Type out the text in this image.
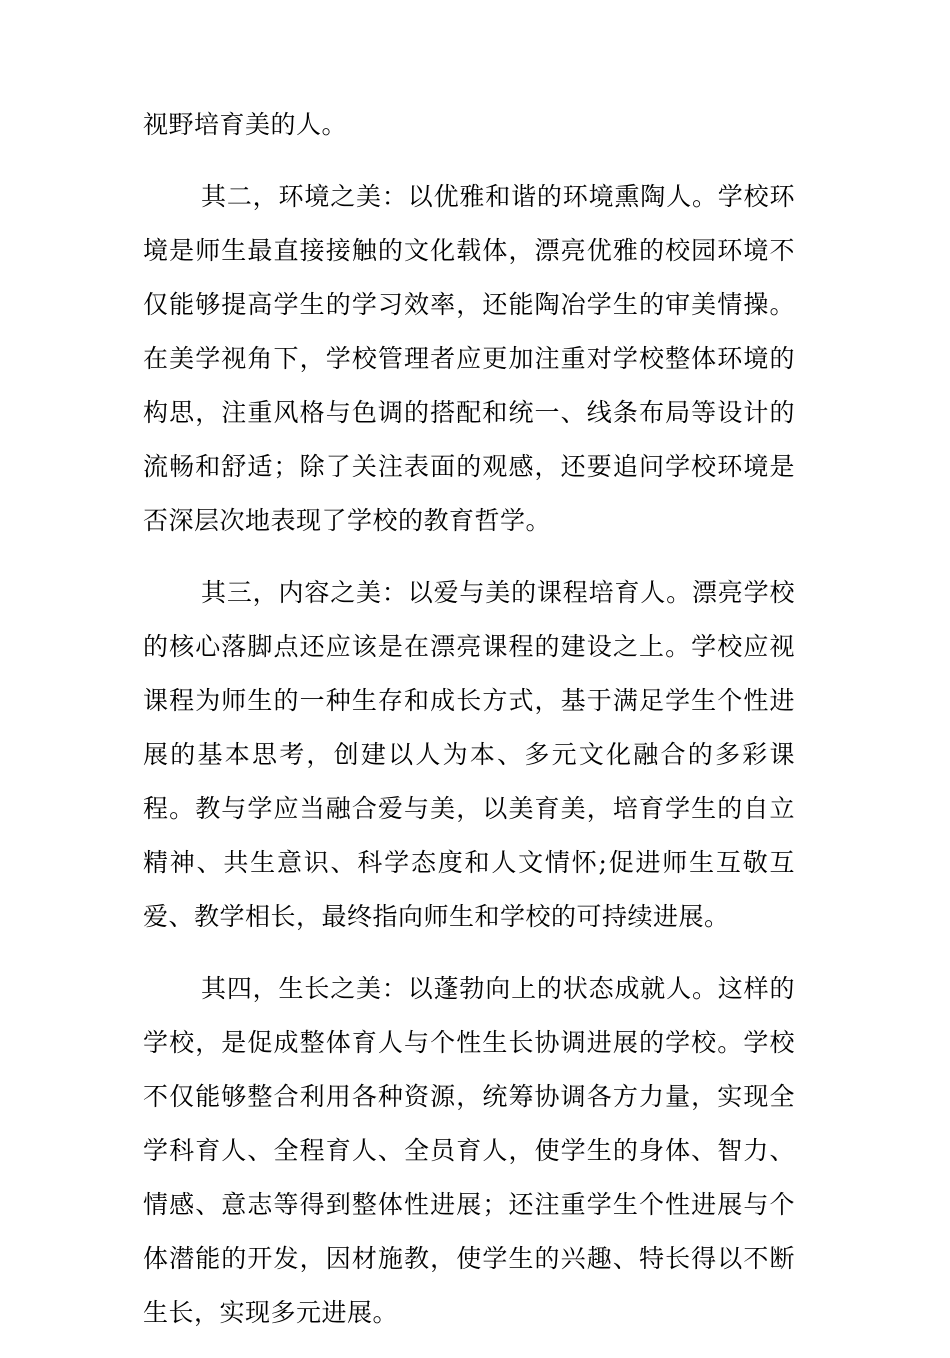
视野培育美的人。

其二，环境之美：以优雅和谐的环境熏陶人。学校环境是师生最直接接触的文化载体，漂亮优雅的校园环境不仅能够提高学生的学习效率，还能陶冶学生的审美情操。在美学视角下，学校管理者应更加注重对学校整体环境的构思，注重风格与色调的搭配和统一、线条布局等设计的流畅和舒适；除了关注表面的观感，还要追问学校环境是否深层次地表现了学校的教育哲学。

其三，内容之美：以爱与美的课程培育人。漂亮学校的核心落脚点还应该是在漂亮课程的建设之上。学校应视课程为师生的一种生存和成长方式，基于满足学生个性进展的基本思考，创建以人为本、多元文化融合的多彩课程。教与学应当融合爱与美，以美育美，培育学生的自立精神、共生意识、科学态度和人文情怀;促进师生互敬互爱、教学相长，最终指向师生和学校的可持续进展。

其四，生长之美：以蓬勃向上的状态成就人。这样的学校，是促成整体育人与个性生长协调进展的学校。学校不仅能够整合利用各种资源，统筹协调各方力量，实现全学科育人、全程育人、全员育人，使学生的身体、智力、情感、意志等得到整体性进展；还注重学生个性进展与个体潜能的开发，因材施教，使学生的兴趣、特长得以不断生长，实现多元进展。
